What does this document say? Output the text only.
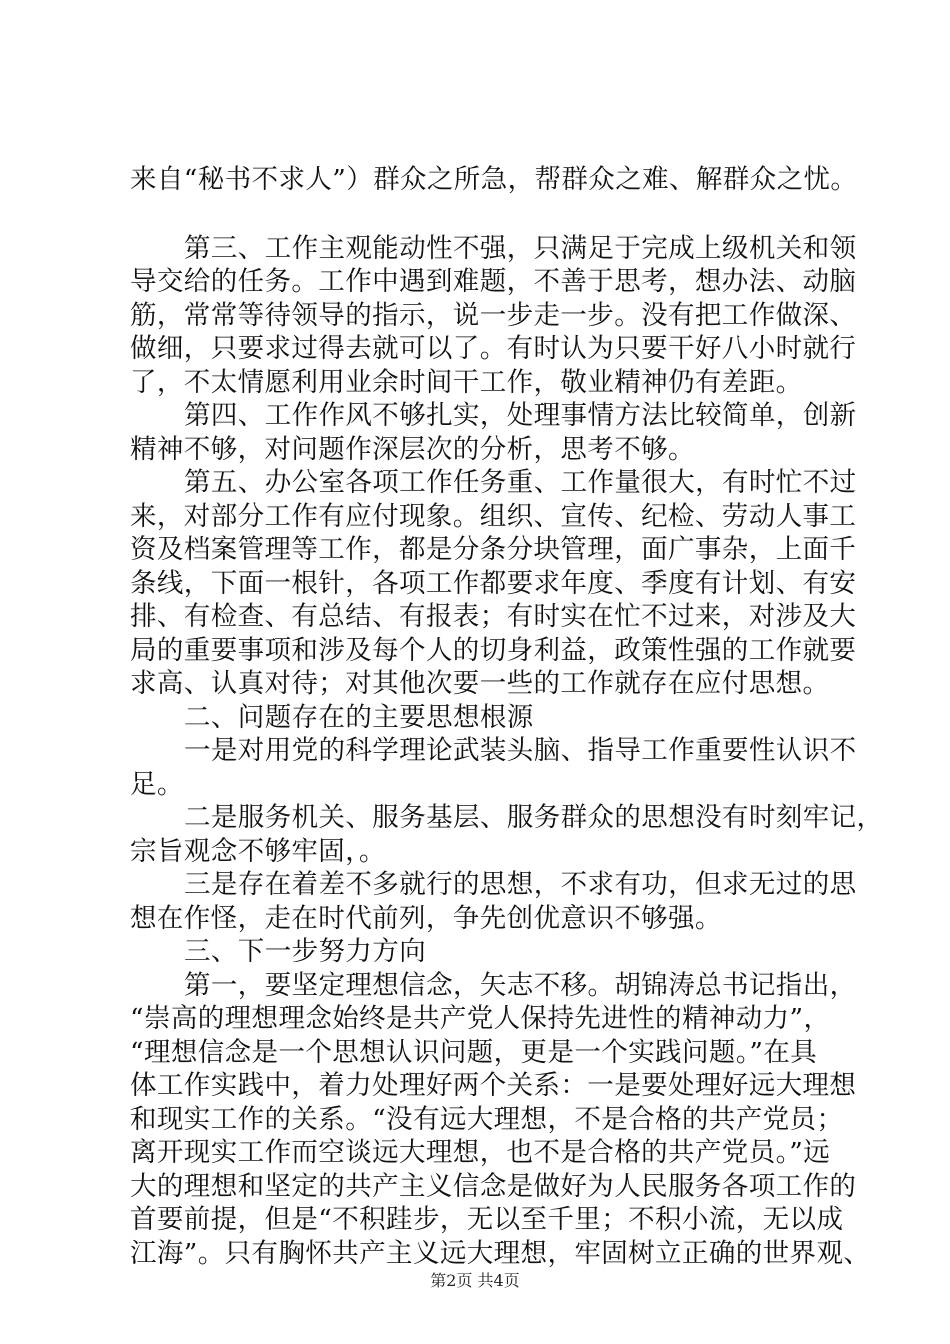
来自“秘书不求人”）群众之所急，帮群众之难、解群众之忧。
第三、工作主观能动性不强，只满足于完成上级机关和领
导交给的任务。工作中遇到难题，不善于思考，想办法、动脑
筋，常常等待领导的指示，说一步走一步。没有把工作做深、
做细，只要求过得去就可以了。有时认为只要干好八小时就行
了，不太情愿利用业余时间干工作，敬业精神仍有差距。
第四、工作作风不够扎实，处理事情方法比较简单，创新
精神不够，对问题作深层次的分析，思考不够。
第五、办公室各项工作任务重、工作量很大，有时忙不过
来，对部分工作有应付现象。组织、宣传、纪检、劳动人事工
资及档案管理等工作，都是分条分块管理，面广事杂，上面千
条线，下面一根针，各项工作都要求年度、季度有计划、有安
排、有检查、有总结、有报表；有时实在忙不过来，对涉及大
局的重要事项和涉及每个人的切身利益，政策性强的工作就要
求高、认真对待；对其他次要一些的工作就存在应付思想。
二、问题存在的主要思想根源
一是对用党的科学理论武装头脑、指导工作重要性认识不
足。
二是服务机关、服务基层、服务群众的思想没有时刻牢记，
宗旨观念不够牢固，。
三是存在着差不多就行的思想，不求有功，但求无过的思
想在作怪，走在时代前列，争先创优意识不够强。
三、下一步努力方向
第一，要坚定理想信念，矢志不移。胡锦涛总书记指出，
“崇高的理想理念始终是共产党人保持先进性的精神动力”，
“理想信念是一个思想认识问题，更是一个实践问题。”在具
体工作实践中，着力处理好两个关系：一是要处理好远大理想
和现实工作的关系。“没有远大理想，不是合格的共产党员；
离开现实工作而空谈远大理想，也不是合格的共产党员。”远
大的理想和坚定的共产主义信念是做好为人民服务各项工作的
首要前提，但是“不积跬步，无以至千里；不积小流，无以成
江海”。只有胸怀共产主义远大理想，牢固树立正确的世界观、
第2页 共4页
